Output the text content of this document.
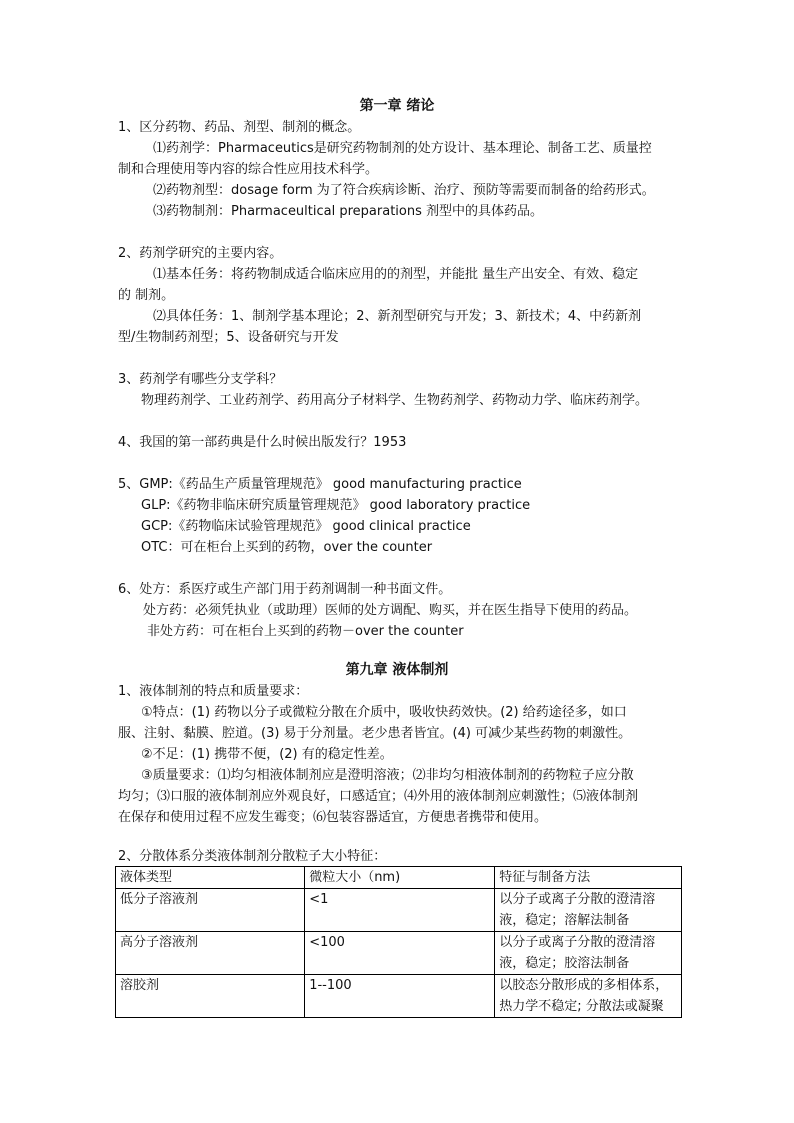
第一章 绪论
1、区分药物、药品、剂型、制剂的概念。
⑴药剂学：Pharmaceutics是研究药物制剂的处方设计、基本理论、制备工艺、质量控
制和合理使用等内容的综合性应用技术科学。
⑵药物剂型：dosage form 为了符合疾病诊断、治疗、预防等需要而制备的给药形式。
⑶药物制剂：Pharmaceultical preparations 剂型中的具体药品。
2、药剂学研究的主要内容。
⑴基本任务：将药物制成适合临床应用的的剂型，并能批 量生产出安全、有效、稳定
的 制剂。
⑵具体任务：1、制剂学基本理论；2、新剂型研究与开发；3、新技术；4、中药新剂
型/生物制药剂型；5、设备研究与开发
3、药剂学有哪些分支学科？
物理药剂学、工业药剂学、药用高分子材料学、生物药剂学、药物动力学、临床药剂学。
4、我国的第一部药典是什么时候出版发行？1953
5、GMP:《药品生产质量管理规范》 good manufacturing practice
GLP:《药物非临床研究质量管理规范》 good laboratory practice
GCP:《药物临床试验管理规范》 good clinical practice
OTC：可在柜台上买到的药物，over the counter
6、处方：系医疗或生产部门用于药剂调制一种书面文件。
处方药：必须凭执业（或助理）医师的处方调配、购买，并在医生指导下使用的药品。
非处方药：可在柜台上买到的药物－over the counter
第九章 液体制剂
1、液体制剂的特点和质量要求：
①特点：(1) 药物以分子或微粒分散在介质中，吸收快药效快。(2) 给药途径多，如口
服、注射、黏膜、腔道。(3) 易于分剂量。老少患者皆宜。(4) 可减少某些药物的刺激性。
②不足：(1) 携带不便，(2) 有的稳定性差。
③质量要求：⑴均匀相液体制剂应是澄明溶液；⑵非均匀相液体制剂的药物粒子应分散
均匀；⑶口服的液体制剂应外观良好，口感适宜；⑷外用的液体制剂应刺激性；⑸液体制剂
在保存和使用过程不应发生霉变；⑹包装容器适宜，方便患者携带和使用。
2、分散体系分类液体制剂分散粒子大小特征：
液体类型	微粒大小（nm)	特征与制备方法
低分子溶液剂	<1	以分子或离子分散的澄清溶
液，稳定；溶解法制备

高分子溶液剂	<100	以分子或离子分散的澄清溶
液，稳定；胶溶法制备

溶胶剂	1--100	以胶态分散形成的多相体系，
热力学不稳定; 分散法或凝聚
